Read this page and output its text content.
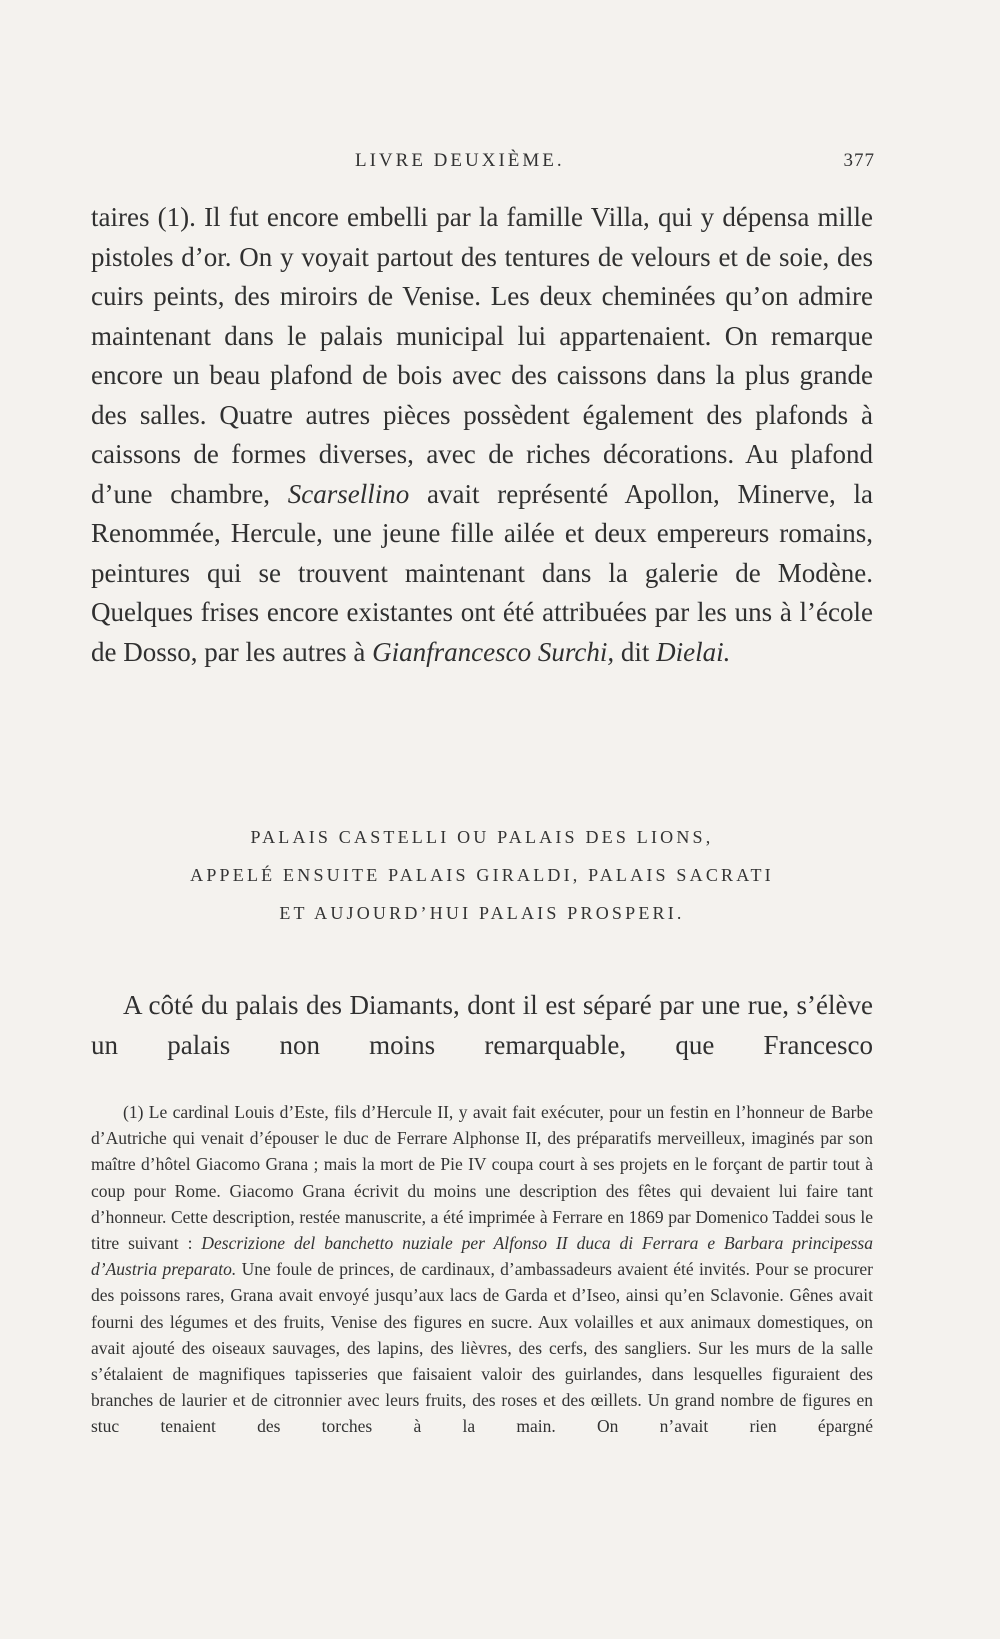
LIVRE DEUXIÈME.	377

taires (1). Il fut encore embelli par la famille Villa, qui y dépensa mille pistoles d’or. On y voyait partout des tentures de velours et de soie, des cuirs peints, des miroirs de Venise. Les deux cheminées qu’on admire maintenant dans le palais municipal lui appartenaient. On remarque encore un beau plafond de bois avec des caissons dans la plus grande des salles. Quatre autres pièces possèdent également des plafonds à caissons de formes diverses, avec de riches décorations. Au plafond d’une chambre, Scarsellino avait représenté Apollon, Minerve, la Renommée, Hercule, une jeune fille ailée et deux empereurs romains, peintures qui se trouvent maintenant dans la galerie de Modène. Quelques frises encore existantes ont été attribuées par les uns à l’école de Dosso, par les autres à Gianfrancesco Surchi, dit Dielai.

PALAIS CASTELLI OU PALAIS DES LIONS,
APPELÉ ENSUITE PALAIS GIRALDI, PALAIS SACRATI
ET AUJOURD’HUI PALAIS PROSPERI.

A côté du palais des Diamants, dont il est séparé par une rue, s’élève un palais non moins remarquable, que Francesco

(1) Le cardinal Louis d’Este, fils d’Hercule II, y avait fait exécuter, pour un festin en l’honneur de Barbe d’Autriche qui venait d’épouser le duc de Ferrare Alphonse II, des préparatifs merveilleux, imaginés par son maître d’hôtel Giacomo Grana ; mais la mort de Pie IV coupa court à ses projets en le forçant de partir tout à coup pour Rome. Giacomo Grana écrivit du moins une description des fêtes qui devaient lui faire tant d’honneur. Cette description, restée manuscrite, a été imprimée à Ferrare en 1869 par Domenico Taddei sous le titre suivant : Descrizione del banchetto nuziale per Alfonso II duca di Ferrara e Barbara principessa d’Austria preparato. Une foule de princes, de cardinaux, d’ambassadeurs avaient été invités. Pour se procurer des poissons rares, Grana avait envoyé jusqu’aux lacs de Garda et d’Iseo, ainsi qu’en Sclavonie. Gênes avait fourni des légumes et des fruits, Venise des figures en sucre. Aux volailles et aux animaux domestiques, on avait ajouté des oiseaux sauvages, des lapins, des lièvres, des cerfs, des sangliers. Sur les murs de la salle s’étalaient de magnifiques tapisseries que faisaient valoir des guirlandes, dans lesquelles figuraient des branches de laurier et de citronnier avec leurs fruits, des roses et des œillets. Un grand nombre de figures en stuc tenaient des torches à la main. On n’avait rien épargné
